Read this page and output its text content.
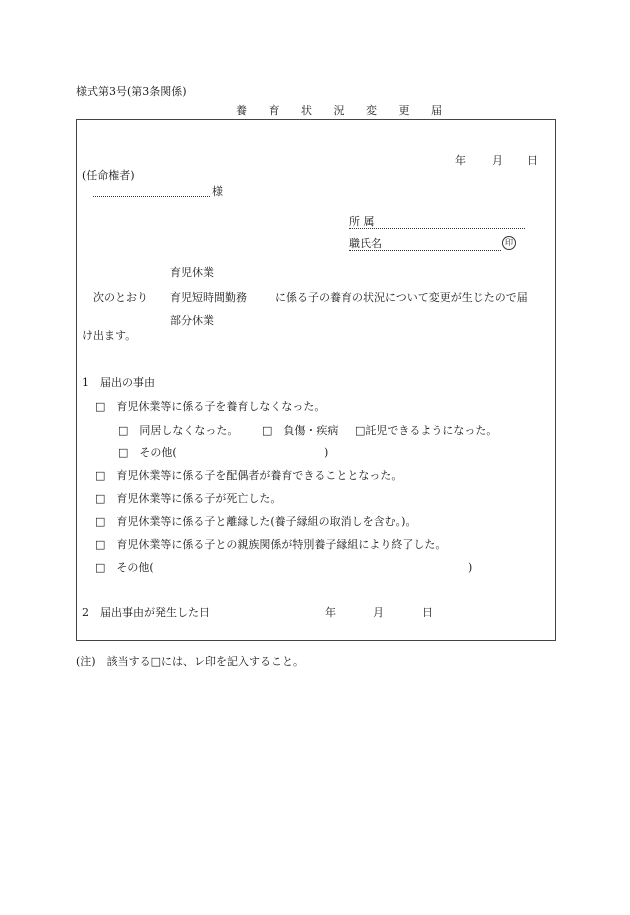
様式第3号(第3条関係)
養 育 状 況 変 更 届
年 月 日
(任命権者)
様
所 属
職氏名	印
育児休業
次のとおり 育児短時間勤務	に係る子の養育の状況について変更が生じたので届
部分休業
け出ます。
1　届出の事由
□　育児休業等に係る子を養育しなくなった。
□　同居しなくなった。 □　負傷・疾病 □託児できるようになった。
□　その他(	)
□　育児休業等に係る子を配偶者が養育できることとなった。
□　育児休業等に係る子が死亡した。
□　育児休業等に係る子と離縁した(養子縁組の取消しを含む。)。
□　育児休業等に係る子との親族関係が特別養子縁組により終了した。
□　その他(	)
2　届出事由が発生した日	年	月	日
(注)　該当する□には、レ印を記入すること。
